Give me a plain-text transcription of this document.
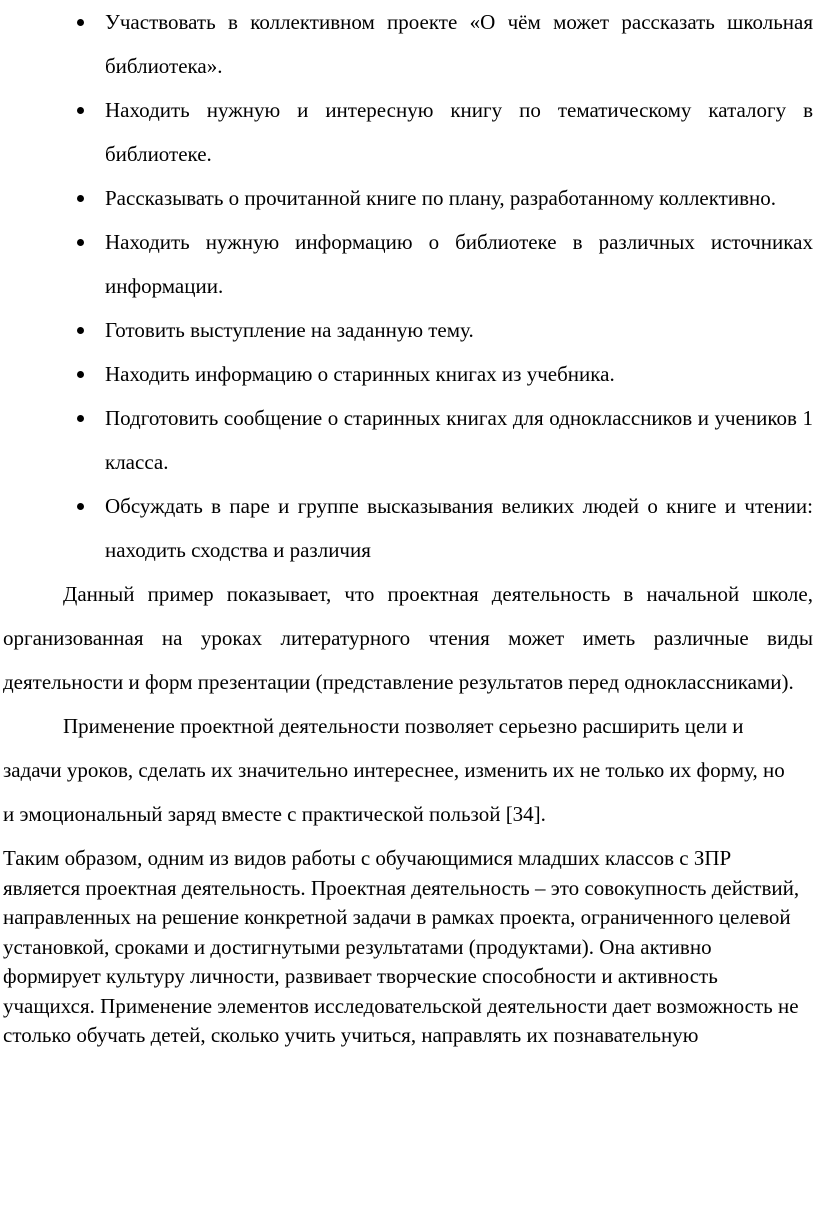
Участвовать в коллективном проекте «О чём может рассказать школьная библиотека».
Находить нужную и интересную книгу по тематическому каталогу в библиотеке.
Рассказывать о прочитанной книге по плану, разработанному коллективно.
Находить нужную информацию о библиотеке в различных источниках информации.
Готовить выступление на заданную тему.
Находить информацию о старинных книгах из учебника.
Подготовить сообщение о старинных книгах для одноклассников и учеников 1 класса.
Обсуждать в паре и группе высказывания великих людей о книге и чтении: находить сходства и различия

Данный пример показывает, что проектная деятельность в начальной школе, организованная на уроках литературного чтения может иметь различные виды деятельности и форм презентации (представление результатов перед одноклассниками).

Применение проектной деятельности позволяет серьезно расширить цели и задачи уроков, сделать их значительно интереснее, изменить их не только их форму, но и эмоциональный заряд вместе с практической пользой [34].

Таким образом, одним из видов работы с обучающимися младших классов с ЗПР является проектная деятельность. Проектная деятельность – это совокупность действий, направленных на решение конкретной задачи в рамках проекта, ограниченного целевой установкой, сроками и достигнутыми результатами (продуктами). Она активно формирует культуру личности, развивает творческие способности и активность учащихся. Применение элементов исследовательской деятельности дает возможность не столько обучать детей, сколько учить учиться, направлять их познавательную
